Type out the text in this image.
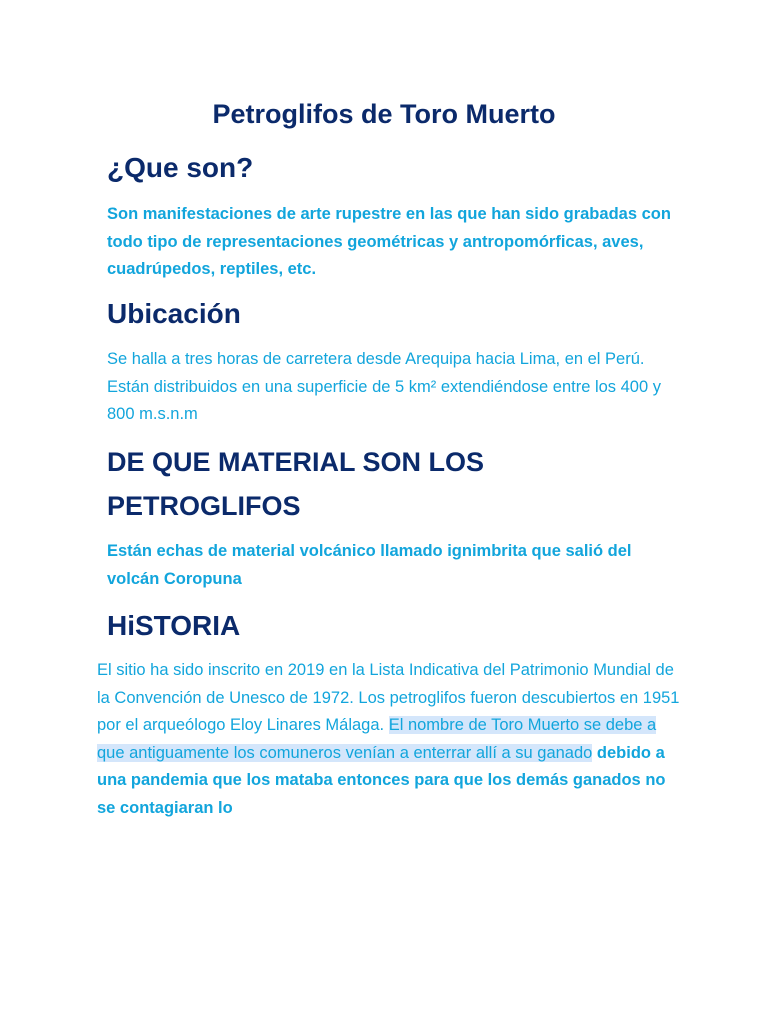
Petroglifos de Toro Muerto
¿Que son?

Son manifestaciones de arte rupestre en las que han sido grabadas con todo tipo de representaciones geométricas y antropomórficas, aves, cuadrúpedos, reptiles, etc.

Ubicación

Se halla a tres horas de carretera desde Arequipa hacia Lima, en el Perú. Están distribuidos en una superficie de 5 km² extendiéndose entre los 400 y 800 m.s.n.m

DE QUE MATERIAL SON LOS PETROGLIFOS

Están echas de material volcánico llamado ignimbrita que salió del volcán Coropuna

HiSTORIA

El sitio ha sido inscrito en 2019 en la Lista Indicativa del Patrimonio Mundial de la Convención de Unesco de 1972. Los petroglifos fueron descubiertos en 1951 por el arqueólogo Eloy Linares Málaga. El nombre de Toro Muerto se debe a que antiguamente los comuneros venían a enterrar allí a su ganado debido a una pandemia que los mataba entonces para que los demás ganados no se contagiaran lo
